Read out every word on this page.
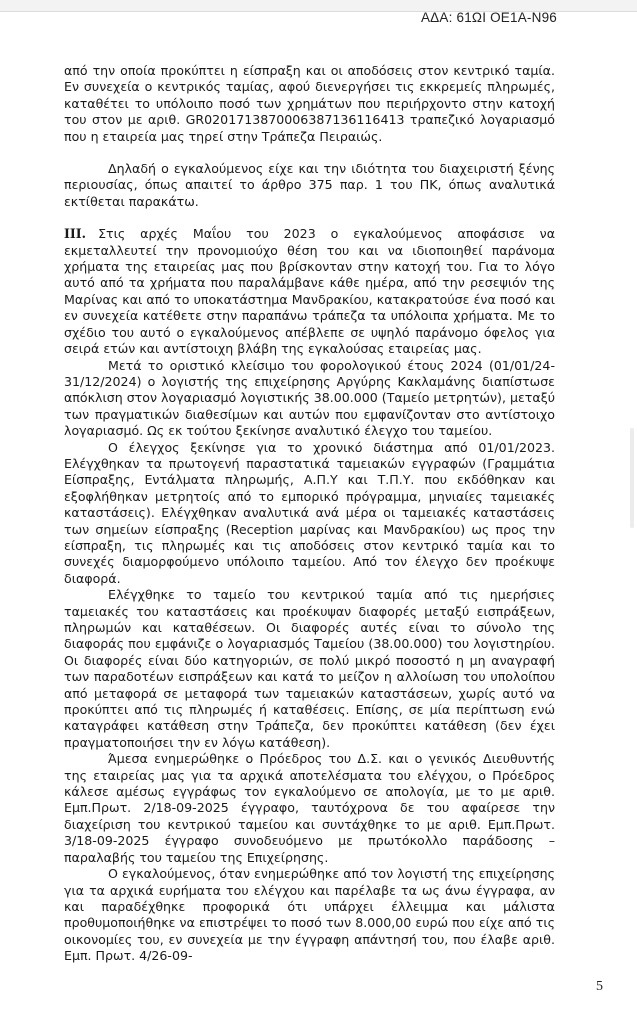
ΑΔΑ: 61ΩΙ ΟΕ1Α-Ν96

από την οποία προκύπτει η είσπραξη και οι αποδόσεις στον κεντρικό ταμία. Εν συνεχεία ο κεντρικός ταμίας, αφού διενεργήσει τις εκκρεμείς πληρωμές, καταθέτει το υπόλοιπο ποσό των χρημάτων που περιήρχοντο στην κατοχή του στον με αριθ. GR0201713870006387136116413 τραπεζικό λογαριασμό που η εταιρεία μας τηρεί στην Τράπεζα Πειραιώς.

Δηλαδή ο εγκαλούμενος είχε και την ιδιότητα του διαχειριστή ξένης περιουσίας, όπως απαιτεί το άρθρο 375 παρ. 1 του ΠΚ, όπως αναλυτικά εκτίθεται παρακάτω.

III. Στις αρχές Μαΐου του 2023 ο εγκαλούμενος αποφάσισε να εκμεταλλευτεί την προνομιούχο θέση του και να ιδιοποιηθεί παράνομα χρήματα της εταιρείας μας που βρίσκονταν στην κατοχή του. Για το λόγο αυτό από τα χρήματα που παραλάμβανε κάθε ημέρα, από την ρεσεψιόν της Μαρίνας και από το υποκατάστημα Μανδρακίου, κατακρατούσε ένα ποσό και εν συνεχεία κατέθετε στην παραπάνω τράπεζα τα υπόλοιπα χρήματα. Με το σχέδιο του αυτό ο εγκαλούμενος απέβλεπε σε υψηλό παράνομο όφελος για σειρά ετών και αντίστοιχη βλάβη της εγκαλούσας εταιρείας μας.

Μετά το οριστικό κλείσιμο του φορολογικού έτους 2024 (01/01/24-31/12/2024) ο λογιστής της επιχείρησης Αργύρης Κακλαμάνης διαπίστωσε απόκλιση στον λογαριασμό λογιστικής 38.00.000 (Ταμείο μετρητών), μεταξύ των πραγματικών διαθεσίμων και αυτών που εμφανίζονταν στο αντίστοιχο λογαριασμό. Ως εκ τούτου ξεκίνησε αναλυτικό έλεγχο του ταμείου.

Ο έλεγχος ξεκίνησε για το χρονικό διάστημα από 01/01/2023. Ελέγχθηκαν τα πρωτογενή παραστατικά ταμειακών εγγραφών (Γραμμάτια Είσπραξης, Εντάλματα πληρωμής, Α.Π.Υ και Τ.Π.Υ. που εκδόθηκαν και εξοφλήθηκαν μετρητοίς από το εμπορικό πρόγραμμα, μηνιαίες ταμειακές καταστάσεις). Ελέγχθηκαν αναλυτικά ανά μέρα οι ταμειακές καταστάσεις των σημείων είσπραξης (Reception μαρίνας και Μανδρακίου) ως προς την είσπραξη, τις πληρωμές και τις αποδόσεις στον κεντρικό ταμία και το συνεχές διαμορφούμενο υπόλοιπο ταμείου. Από τον έλεγχο δεν προέκυψε διαφορά.

Ελέγχθηκε το ταμείο του κεντρικού ταμία από τις ημερήσιες ταμειακές του καταστάσεις και προέκυψαν διαφορές μεταξύ εισπράξεων, πληρωμών και καταθέσεων. Οι διαφορές αυτές είναι το σύνολο της διαφοράς που εμφάνιζε ο λογαριασμός Ταμείου (38.00.000) του λογιστηρίου. Οι διαφορές είναι δύο κατηγοριών, σε πολύ μικρό ποσοστό η μη αναγραφή των παραδοτέων εισπράξεων και κατά το μείζον η αλλοίωση του υπολοίπου από μεταφορά σε μεταφορά των ταμειακών καταστάσεων, χωρίς αυτό να προκύπτει από τις πληρωμές ή καταθέσεις. Επίσης, σε μία περίπτωση ενώ καταγράφει κατάθεση στην Τράπεζα, δεν προκύπτει κατάθεση (δεν έχει πραγματοποιήσει την εν λόγω κατάθεση).

Άμεσα ενημερώθηκε ο Πρόεδρος του Δ.Σ. και ο γενικός Διευθυντής της εταιρείας μας για τα αρχικά αποτελέσματα του ελέγχου, ο Πρόεδρος κάλεσε αμέσως εγγράφως τον εγκαλούμενο σε απολογία, με το με αριθ. Εμπ.Πρωτ. 2/18-09-2025 έγγραφο, ταυτόχρονα δε του αφαίρεσε την διαχείριση του κεντρικού ταμείου και συντάχθηκε το με αριθ. Εμπ.Πρωτ. 3/18-09-2025 έγγραφο συνοδευόμενο με πρωτόκολλο παράδοσης – παραλαβής του ταμείου της Επιχείρησης.

Ο εγκαλούμενος, όταν ενημερώθηκε από τον λογιστή της επιχείρησης για τα αρχικά ευρήματα του ελέγχου και παρέλαβε τα ως άνω έγγραφα, αν και παραδέχθηκε προφορικά ότι υπάρχει έλλειμμα και μάλιστα προθυμοποιήθηκε να επιστρέψει το ποσό των 8.000,00 ευρώ που είχε από τις οικονομίες του, εν συνεχεία με την έγγραφη απάντησή του, που έλαβε αριθ. Εμπ. Πρωτ. 4/26-09-

5
